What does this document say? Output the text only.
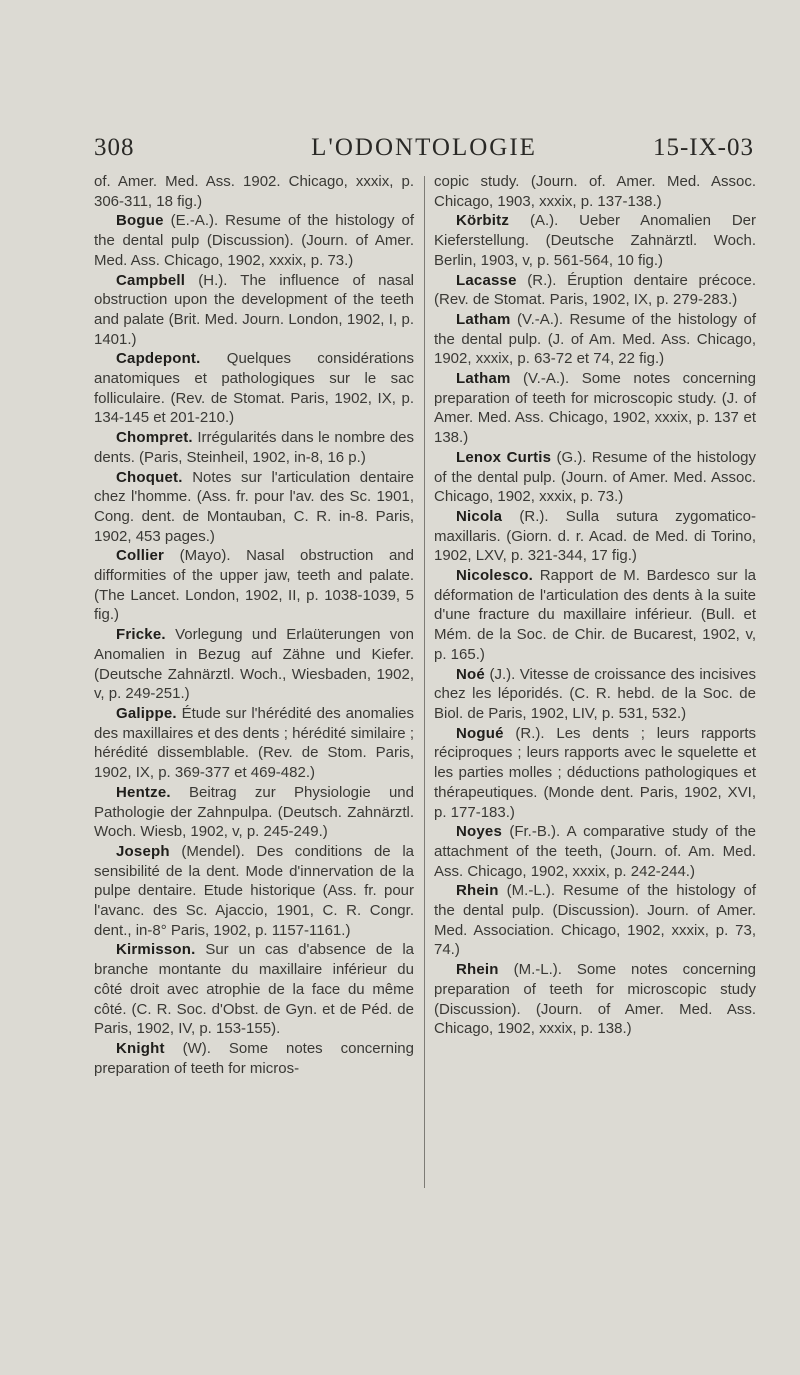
308	L'ODONTOLOGIE	15-IX-03

of. Amer. Med. Ass. 1902. Chicago, xxxix, p. 306-311, 18 fig.)

Bogue (E.-A.). Resume of the histology of the dental pulp (Discussion). (Journ. of Amer. Med. Ass. Chicago, 1902, xxxix, p. 73.)

Campbell (H.). The influence of nasal obstruction upon the development of the teeth and palate (Brit. Med. Journ. London, 1902, I, p. 1401.)

Capdepont. Quelques considérations anatomiques et pathologiques sur le sac folliculaire. (Rev. de Stomat. Paris, 1902, IX, p. 134-145 et 201-210.)

Chompret. Irrégularités dans le nombre des dents. (Paris, Steinheil, 1902, in-8, 16 p.)

Choquet. Notes sur l'articulation dentaire chez l'homme. (Ass. fr. pour l'av. des Sc. 1901, Cong. dent. de Montauban, C. R. in-8. Paris, 1902, 453 pages.)

Collier (Mayo). Nasal obstruction and difformities of the upper jaw, teeth and palate. (The Lancet. London, 1902, II, p. 1038-1039, 5 fig.)

Fricke. Vorlegung und Erlaüterungen von Anomalien in Bezug auf Zähne und Kiefer. (Deutsche Zahnärztl. Woch., Wiesbaden, 1902, v, p. 249-251.)

Galippe. Étude sur l'hérédité des anomalies des maxillaires et des dents ; hérédité similaire ; hérédité dissemblable. (Rev. de Stom. Paris, 1902, IX, p. 369-377 et 469-482.)

Hentze. Beitrag zur Physiologie und Pathologie der Zahnpulpa. (Deutsch. Zahnärztl. Woch. Wiesb, 1902, v, p. 245-249.)

Joseph (Mendel). Des conditions de la sensibilité de la dent. Mode d'innervation de la pulpe dentaire. Etude historique (Ass. fr. pour l'avanc. des Sc. Ajaccio, 1901, C. R. Congr. dent., in-8° Paris, 1902, p. 1157-1161.)

Kirmisson. Sur un cas d'absence de la branche montante du maxillaire inférieur du côté droit avec atrophie de la face du même côté. (C. R. Soc. d'Obst. de Gyn. et de Péd. de Paris, 1902, IV, p. 153-155).

Knight (W). Some notes concerning preparation of teeth for micros-

copic study. (Journ. of. Amer. Med. Assoc. Chicago, 1903, xxxix, p. 137-138.)

Körbitz (A.). Ueber Anomalien Der Kieferstellung. (Deutsche Zahnärztl. Woch. Berlin, 1903, v, p. 561-564, 10 fig.)

Lacasse (R.). Éruption dentaire précoce. (Rev. de Stomat. Paris, 1902, IX, p. 279-283.)

Latham (V.-A.). Resume of the histology of the dental pulp. (J. of Am. Med. Ass. Chicago, 1902, xxxix, p. 63-72 et 74, 22 fig.)

Latham (V.-A.). Some notes concerning preparation of teeth for microscopic study. (J. of Amer. Med. Ass. Chicago, 1902, xxxix, p. 137 et 138.)

Lenox Curtis (G.). Resume of the histology of the dental pulp. (Journ. of Amer. Med. Assoc. Chicago, 1902, xxxix, p. 73.)

Nicola (R.). Sulla sutura zygomatico-maxillaris. (Giorn. d. r. Acad. de Med. di Torino, 1902, LXV, p. 321-344, 17 fig.)

Nicolesco. Rapport de M. Bardesco sur la déformation de l'articulation des dents à la suite d'une fracture du maxillaire inférieur. (Bull. et Mém. de la Soc. de Chir. de Bucarest, 1902, v, p. 165.)

Noé (J.). Vitesse de croissance des incisives chez les léporidés. (C. R. hebd. de la Soc. de Biol. de Paris, 1902, LIV, p. 531, 532.)

Nogué (R.). Les dents ; leurs rapports réciproques ; leurs rapports avec le squelette et les parties molles ; déductions pathologiques et thérapeutiques. (Monde dent. Paris, 1902, XVI, p. 177-183.)

Noyes (Fr.-B.). A comparative study of the attachment of the teeth, (Journ. of. Am. Med. Ass. Chicago, 1902, xxxix, p. 242-244.)

Rhein (M.-L.). Resume of the histology of the dental pulp. (Discussion). Journ. of Amer. Med. Association. Chicago, 1902, xxxix, p. 73, 74.)

Rhein (M.-L.). Some notes concerning preparation of teeth for microscopic study (Discussion). (Journ. of Amer. Med. Ass. Chicago, 1902, xxxix, p. 138.)
